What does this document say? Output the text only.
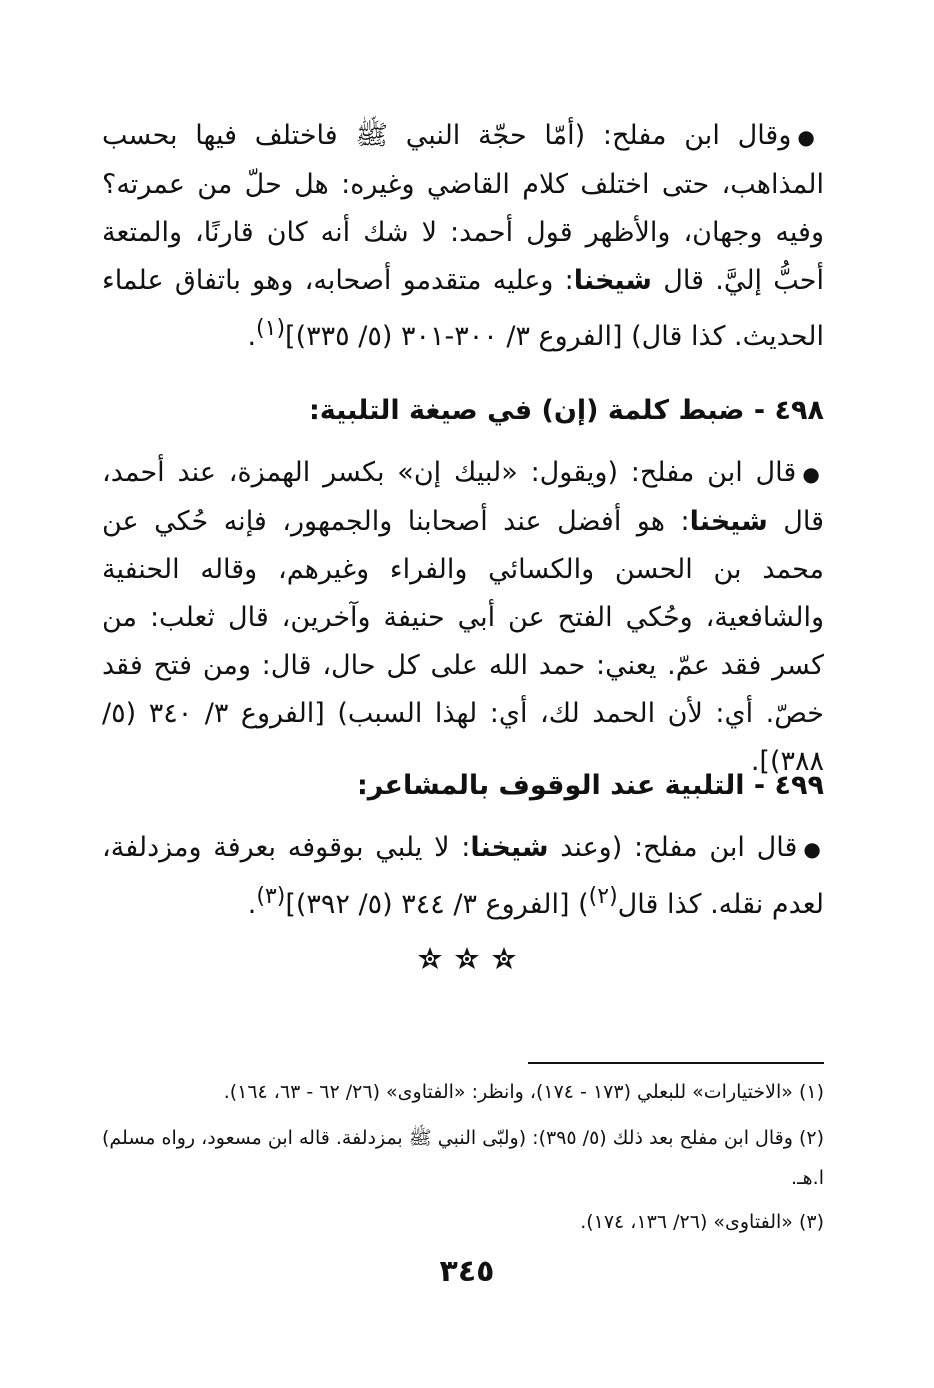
●وقال ابن مفلح: (أمّا حجّة النبي ﷺ فاختلف فيها بحسب المذاهب، حتى اختلف كلام القاضي وغيره: هل حلّ من عمرته؟ وفيه وجهان، والأظهر قول أحمد: لا شك أنه كان قارنًا، والمتعة أحبُّ إليَّ. قال شيخنا: وعليه متقدمو أصحابه، وهو باتفاق علماء الحديث. كذا قال) [الفروع ٣/ ٣٠٠-٣٠١ (٥/ ٣٣٥)]$^{(١)}$.
٤٩٨ - ضبط كلمة (إن) في صيغة التلبية:
●قال ابن مفلح: (ويقول: «لبيك إن» بكسر الهمزة، عند أحمد، قال شيخنا: هو أفضل عند أصحابنا والجمهور، فإنه حُكي عن محمد بن الحسن والكسائي والفراء وغيرهم، وقاله الحنفية والشافعية، وحُكي الفتح عن أبي حنيفة وآخرين، قال ثعلب: من كسر فقد عمّ. يعني: حمد الله على كل حال، قال: ومن فتح فقد خصّ. أي: لأن الحمد لك، أي: لهذا السبب) [الفروع ٣/ ٣٤٠ (٥/ ٣٨٨)].
٤٩٩ - التلبية عند الوقوف بالمشاعر:
●قال ابن مفلح: (وعند شيخنا: لا يلبي بوقوفه بعرفة ومزدلفة، لعدم نقله. كذا قال$^{(٢)}$) [الفروع ٣/ ٣٤٤ (٥/ ٣٩٢)]$^{(٣)}$.

(١) «الاختيارات» للبعلي (١٧٣ - ١٧٤)، وانظر: «الفتاوى» (٢٦/ ٦٢ - ٦٣، ١٦٤).
(٢) وقال ابن مفلح بعد ذلك (٥/ ٣٩٥): (ولبّى النبي ﷺ بمزدلفة. قاله ابن مسعود، رواه مسلم) ا.هـ.
(٣) «الفتاوى» (٢٦/ ١٣٦، ١٧٤).
٣٤٥
